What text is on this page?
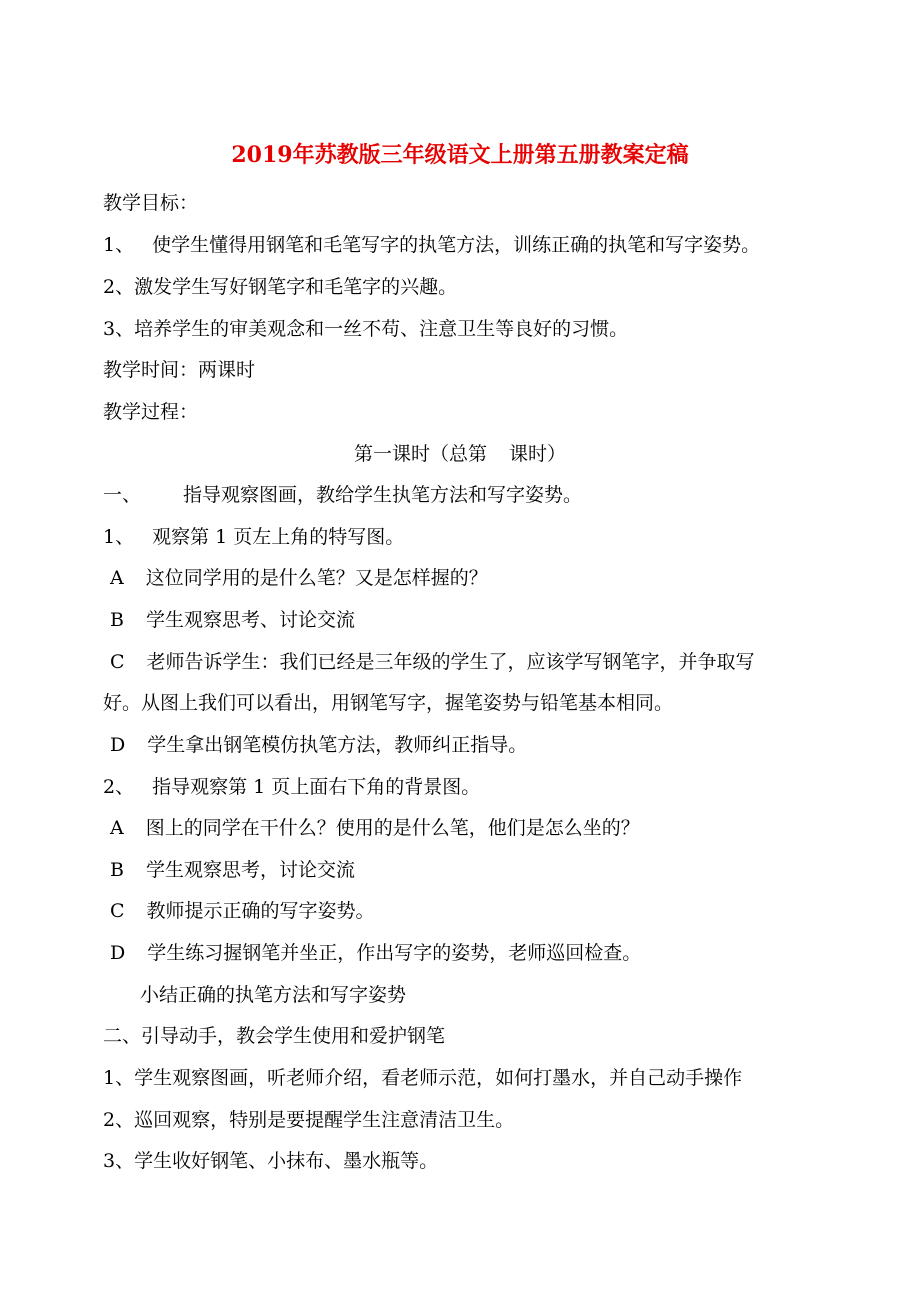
2019年苏教版三年级语文上册第五册教案定稿
教学目标：
1、 使学生懂得用钢笔和毛笔写字的执笔方法，训练正确的执笔和写字姿势。
2、激发学生写好钢笔字和毛笔字的兴趣。
3、培养学生的审美观念和一丝不苟、注意卫生等良好的习惯。
教学时间：两课时
教学过程：
第一课时（总第 课时）
一、 指导观察图画，教给学生执笔方法和写字姿势。
1、 观察第 1 页左上角的特写图。
A 这位同学用的是什么笔？又是怎样握的？
B 学生观察思考、讨论交流
C 老师告诉学生：我们已经是三年级的学生了，应该学写钢笔字，并争取写
好。从图上我们可以看出，用钢笔写字，握笔姿势与铅笔基本相同。
D 学生拿出钢笔模仿执笔方法，教师纠正指导。
2、 指导观察第 1 页上面右下角的背景图。
A 图上的同学在干什么？使用的是什么笔，他们是怎么坐的？
B 学生观察思考，讨论交流
C 教师提示正确的写字姿势。
D 学生练习握钢笔并坐正，作出写字的姿势，老师巡回检查。
小结正确的执笔方法和写字姿势
二、引导动手，教会学生使用和爱护钢笔
1、学生观察图画，听老师介绍，看老师示范，如何打墨水，并自己动手操作
2、巡回观察，特别是要提醒学生注意清洁卫生。
3、学生收好钢笔、小抹布、墨水瓶等。
